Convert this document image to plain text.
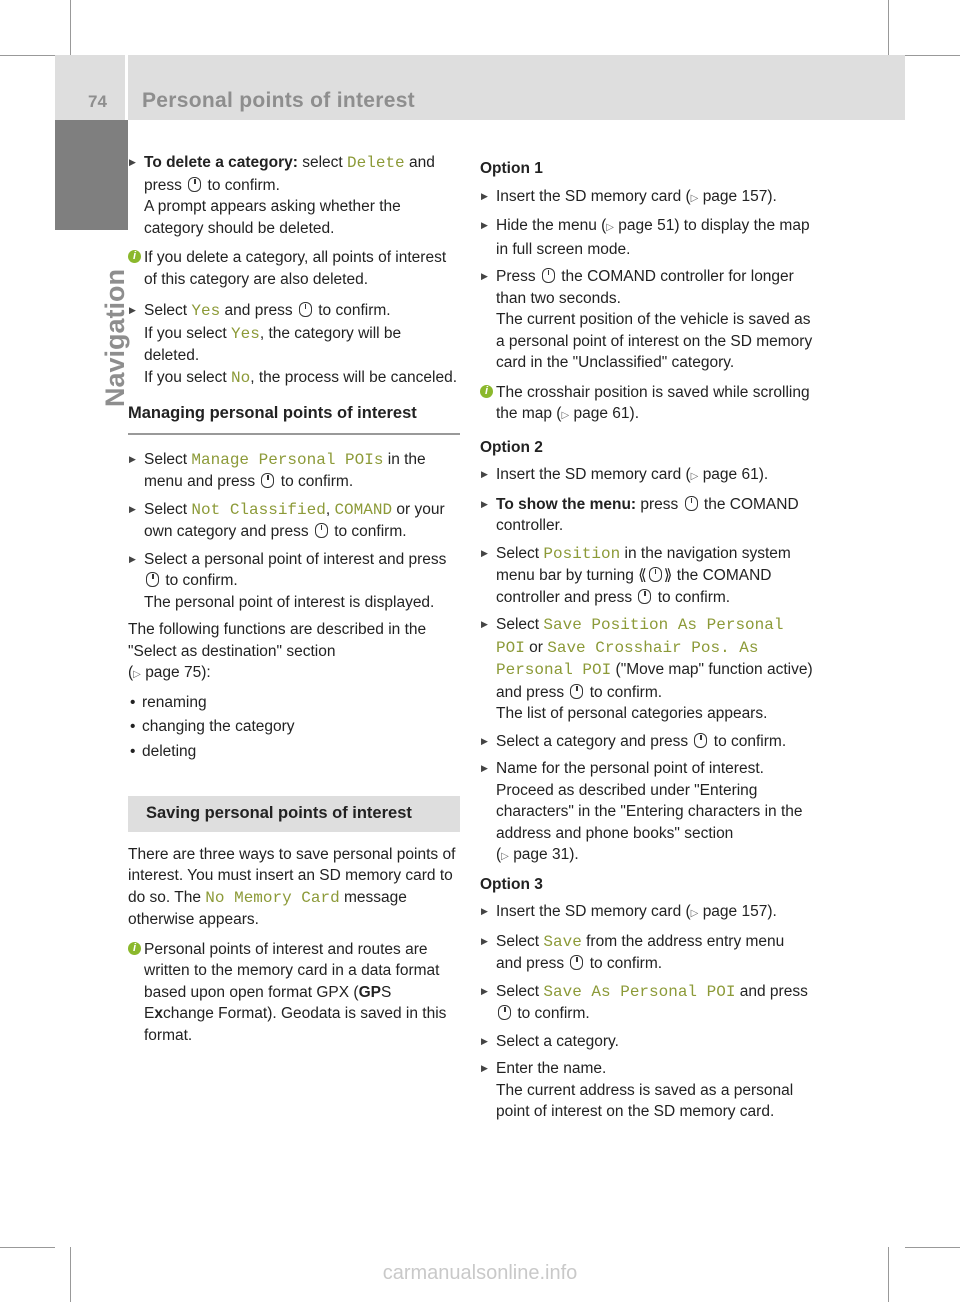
74 Personal points of interest
Navigation
▶
To delete a category: select Delete and press to confirm.
A prompt appears asking whether the category should be deleted.
i If you delete a category, all points of interest of this category are also deleted.
▶
Select Yes and press to confirm.
If you select Yes, the category will be deleted.
If you select No, the process will be canceled.
Managing personal points of interest
▶
Select Manage Personal POIs in the menu and press to confirm.
▶
Select Not Classified, COMAND or your own category and press to confirm.
▶
Select a personal point of interest and press  to confirm.
The personal point of interest is displayed.
The following functions are described in the "Select as destination" section
(▷ page 75):
• renaming
• changing the category
• deleting
Saving personal points of interest
There are three ways to save personal points of interest. You must insert an SD memory card to do so. The No Memory Card message otherwise appears.
i Personal points of interest and routes are written to the memory card in a data format based upon open format GPX (GPS Exchange Format). Geodata is saved in this format.
Option 1
▶
Insert the SD memory card (▷ page 157).
▶
Hide the menu (▷ page 51) to display the map in full screen mode.
▶
Press the COMAND controller for longer than two seconds.
The current position of the vehicle is saved as a personal point of interest on the SD memory card in the "Unclassified" category.
i The crosshair position is saved while scrolling the map (▷ page 61).
Option 2
▶
Insert the SD memory card (▷ page 61).
▶
To show the menu: press the COMAND controller.
▶
Select Position in the navigation system menu bar by turning ⟪ ⟫ the COMAND controller and press to confirm.
▶
Select Save Position As Personal POI or Save Crosshair Pos. As Personal POI ("Move map" function active) and press to confirm.
The list of personal categories appears.
▶
Select a category and press to confirm.
▶
Name for the personal point of interest.
Proceed as described under "Entering characters" in the "Entering characters in the address and phone books" section
(▷ page 31).
Option 3
▶
Insert the SD memory card (▷ page 157).
▶
Select Save from the address entry menu and press to confirm.
▶
Select Save As Personal POI and press
to confirm.
▶
Select a category.
▶
Enter the name.
The current address is saved as a personal point of interest on the SD memory card.
carmanualsonline.info
